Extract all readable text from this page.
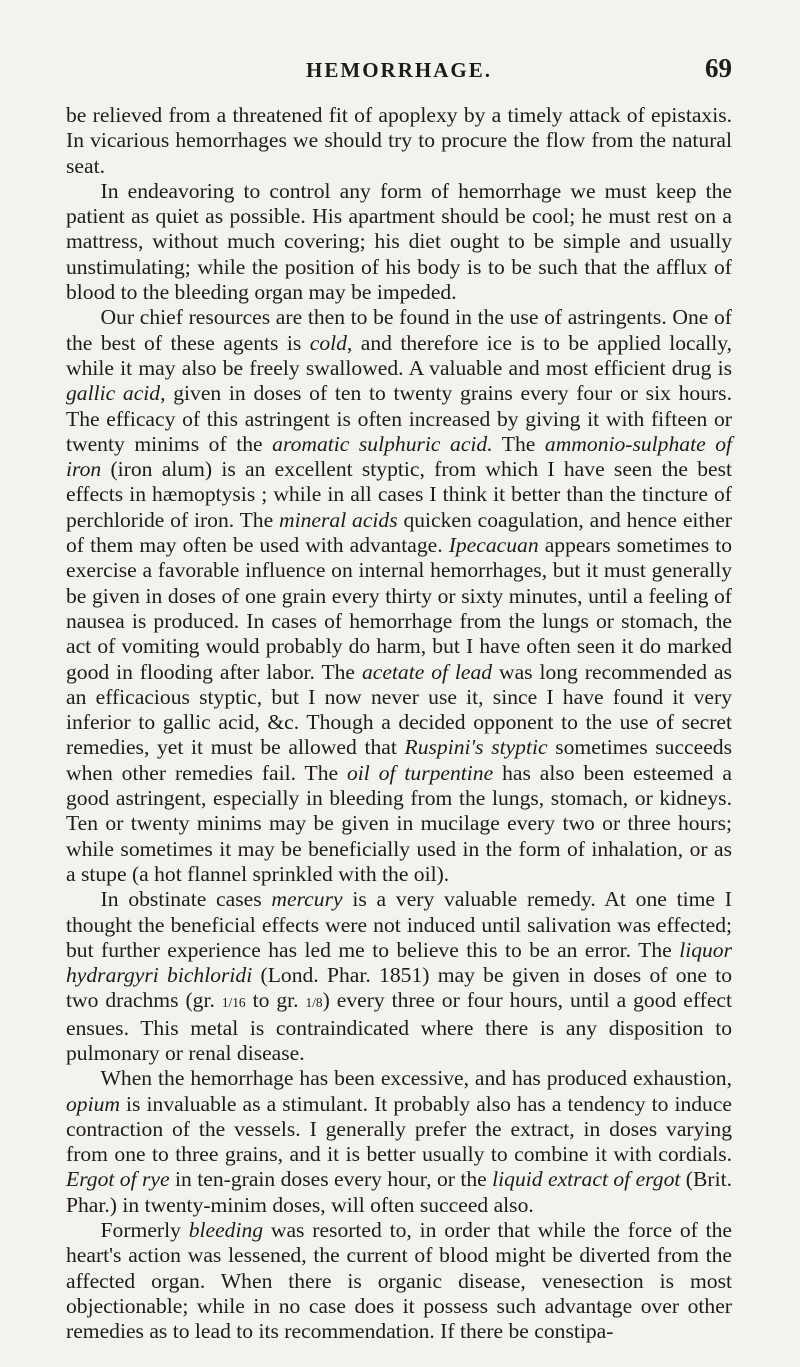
HEMORRHAGE.	69

be relieved from a threatened fit of apoplexy by a timely attack of epistaxis. In vicarious hemorrhages we should try to procure the flow from the natural seat.

In endeavoring to control any form of hemorrhage we must keep the patient as quiet as possible. His apartment should be cool; he must rest on a mattress, without much covering; his diet ought to be simple and usually unstimulating; while the position of his body is to be such that the afflux of blood to the bleeding organ may be impeded.

Our chief resources are then to be found in the use of astringents. One of the best of these agents is cold, and therefore ice is to be applied locally, while it may also be freely swallowed. A valuable and most efficient drug is gallic acid, given in doses of ten to twenty grains every four or six hours. The efficacy of this astringent is often increased by giving it with fifteen or twenty minims of the aromatic sulphuric acid. The ammonio-sulphate of iron (iron alum) is an excellent styptic, from which I have seen the best effects in hæmoptysis ; while in all cases I think it better than the tincture of perchloride of iron. The mineral acids quicken coagulation, and hence either of them may often be used with advantage. Ipecacuan appears sometimes to exercise a favorable influence on internal hemorrhages, but it must generally be given in doses of one grain every thirty or sixty minutes, until a feeling of nausea is produced. In cases of hemorrhage from the lungs or stomach, the act of vomiting would probably do harm, but I have often seen it do marked good in flooding after labor. The acetate of lead was long recommended as an efficacious styptic, but I now never use it, since I have found it very inferior to gallic acid, &c. Though a decided opponent to the use of secret remedies, yet it must be allowed that Ruspini's styptic sometimes succeeds when other remedies fail. The oil of turpentine has also been esteemed a good astringent, especially in bleeding from the lungs, stomach, or kidneys. Ten or twenty minims may be given in mucilage every two or three hours; while sometimes it may be beneficially used in the form of inhalation, or as a stupe (a hot flannel sprinkled with the oil).

In obstinate cases mercury is a very valuable remedy. At one time I thought the beneficial effects were not induced until salivation was effected; but further experience has led me to believe this to be an error. The liquor hydrargyri bichloridi (Lond. Phar. 1851) may be given in doses of one to two drachms (gr. 1/16 to gr. 1/8) every three or four hours, until a good effect ensues. This metal is contraindicated where there is any disposition to pulmonary or renal disease.

When the hemorrhage has been excessive, and has produced exhaustion, opium is invaluable as a stimulant. It probably also has a tendency to induce contraction of the vessels. I generally prefer the extract, in doses varying from one to three grains, and it is better usually to combine it with cordials. Ergot of rye in ten-grain doses every hour, or the liquid extract of ergot (Brit. Phar.) in twenty-minim doses, will often succeed also.

Formerly bleeding was resorted to, in order that while the force of the heart's action was lessened, the current of blood might be diverted from the affected organ. When there is organic disease, venesection is most objectionable; while in no case does it possess such advantage over other remedies as to lead to its recommendation. If there be constipa-
